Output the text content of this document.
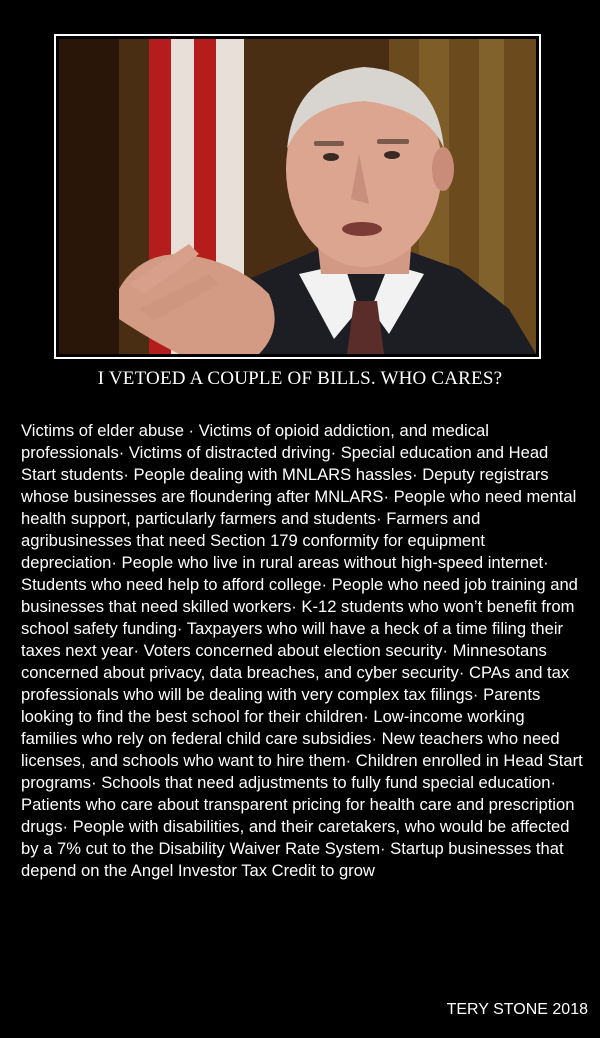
I VETOED A COUPLE OF BILLS. WHO CARES?

Victims of elder abuse · Victims of opioid addiction, and medical professionals· Victims of distracted driving· Special education and Head Start students· People dealing with MNLARS hassles· Deputy registrars whose businesses are floundering after MNLARS· People who need mental health support, particularly farmers and students· Farmers and agribusinesses that need Section 179 conformity for equipment depreciation· People who live in rural areas without high-speed internet· Students who need help to afford college· People who need job training and businesses that need skilled workers· K-12 students who won’t benefit from school safety funding· Taxpayers who will have a heck of a time filing their taxes next year· Voters concerned about election security· Minnesotans concerned about privacy, data breaches, and cyber security· CPAs and tax professionals who will be dealing with very complex tax filings· Parents looking to find the best school for their children· Low-income working families who rely on federal child care subsidies· New teachers who need licenses, and schools who want to hire them· Children enrolled in Head Start programs· Schools that need adjustments to fully fund special education· Patients who care about transparent pricing for health care and prescription drugs· People with disabilities, and their caretakers, who would be affected by a 7% cut to the Disability Waiver Rate System· Startup businesses that depend on the Angel Investor Tax Credit to grow

TERY STONE 2018
